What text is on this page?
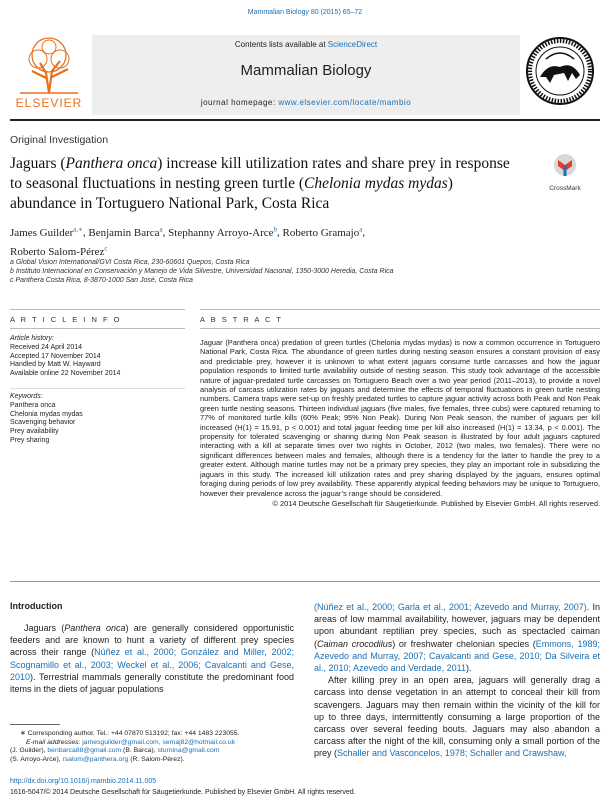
Mammalian Biology 80 (2015) 65–72
ELSEVIER
Contents lists available at ScienceDirect
Mammalian Biology
journal homepage: www.elsevier.com/locate/mambio
Original Investigation
Jaguars (Panthera onca) increase kill utilization rates and share prey in response to seasonal fluctuations in nesting green turtle (Chelonia mydas mydas) abundance in Tortuguero National Park, Costa Rica
CrossMark
James Guilder$^{a,∗}$, Benjamin Barca$^a$, Stephanny Arroyo-Arce$^b$, Roberto Gramajo$^a$,
Roberto Salom-Pérez$^c$
a Global Vision International/GVI Costa Rica, 230-60601 Quepos, Costa Rica
b Instituto Internacional en Conservación y Manejo de Vida Silvestre, Universidad Nacional, 1350-3000 Heredia, Costa Rica
c Panthera Costa Rica, 8-3870-1000 San José, Costa Rica
A R T I C L E I N F O
Article history:
Received 24 April 2014
Accepted 17 November 2014
Handled by Matt W. Hayward
Available online 22 November 2014
Keywords:
Panthera onca
Chelonia mydas mydas
Scavenging behavior
Prey availability
Prey sharing
A B S T R A C T
Jaguar (Panthera onca) predation of green turtles (Chelonia mydas mydas) is now a common occurrence in Tortuguero National Park, Costa Rica. The abundance of green turtles during nesting season ensures a constant provision of easy and predictable prey, however it is unknown to what extent jaguars consume turtle carcasses and how the jaguar population responds to limited turtle availability outside of nesting season. This study took advantage of the accessible nature of jaguar-predated turtle carcasses on Tortuguero Beach over a two year period (2011–2013), to provide a novel analysis of carcass utilization rates by jaguars and determine the effects of temporal fluctuations in green turtle nesting numbers. Camera traps were set-up on freshly predated turtles to capture jaguar activity across both Peak and Non Peak green turtle nesting seasons. Thirteen individual jaguars (five males, five females, three cubs) were captured returning to 77% of monitored turtle kills (60% Peak; 95% Non Peak). During Non Peak season, the number of jaguars per kill increased (H(1) = 15.91, p < 0.001) and total jaguar feeding time per kill also increased (H(1) = 13.34, p < 0.001). The propensity for tolerated scavenging or sharing during Non Peak season is illustrated by four adult jaguars captured interacting with a kill at separate times over two nights in October, 2012 (two males, two females). There were no significant differences between males and females, although there is a tendency for the latter to handle the prey to a greater extent. Although marine turtles may not be a primary prey species, they play an important role in subsidizing the jaguars in this study. The increased kill utilization rates and prey sharing displayed by the jaguars, ensures optimal foraging during periods of low prey availability. These apparently atypical feeding behaviors may be unique to Tortuguero, however their prevalence across the jaguar’s range should be considered.
© 2014 Deutsche Gesellschaft für Säugetierkunde. Published by Elsevier GmbH. All rights reserved.
Introduction
Jaguars (Panthera onca) are generally considered opportunistic feeders and are known to hunt a variety of different prey species across their range (Núñez et al., 2000; González and Miller, 2002; Scognamillo et al., 2003; Weckel et al., 2006; Cavalcanti and Gese, 2010). Terrestrial mammals generally constitute the predominant food items in the diets of jaguar populations

(Núñez et al., 2000; Garla et al., 2001; Azevedo and Murray, 2007). In areas of low mammal availability, however, jaguars may be dependent upon abundant reptilian prey species, such as spectacled caiman (Caiman crocodilus) or freshwater chelonian species (Emmons, 1989; Azevedo and Murray, 2007; Cavalcanti and Gese, 2010; Da Silveira et al., 2010; Azevedo and Verdade, 2011).

After killing prey in an open area, jaguars will generally drag a carcass into dense vegetation in an attempt to conceal their kill from scavengers. Jaguars may then remain within the vicinity of the kill for up to three days, intermittently consuming a large proportion of the carcass over several feeding bouts. Jaguars may also abandon a carcass after the night of the kill, consuming only a small portion of the prey (Schaller and Vasconcelos, 1978; Schaller and Crawshaw,

∗ Corresponding author. Tel.: +44 07870 513192; fax: +44 1483 223055.
E-mail addresses: jamesguilder@gmail.com, semaj82@hotmail.co.uk
(J. Guilder), benbarca88@gmail.com (B. Barca), sturnina@gmail.com
(S. Arroyo-Arce), rsalom@panthera.org (R. Salom-Pérez).
http://dx.doi.org/10.1016/j.mambio.2014.11.005
1616-5047/© 2014 Deutsche Gesellschaft für Säugetierkunde. Published by Elsevier GmbH. All rights reserved.
